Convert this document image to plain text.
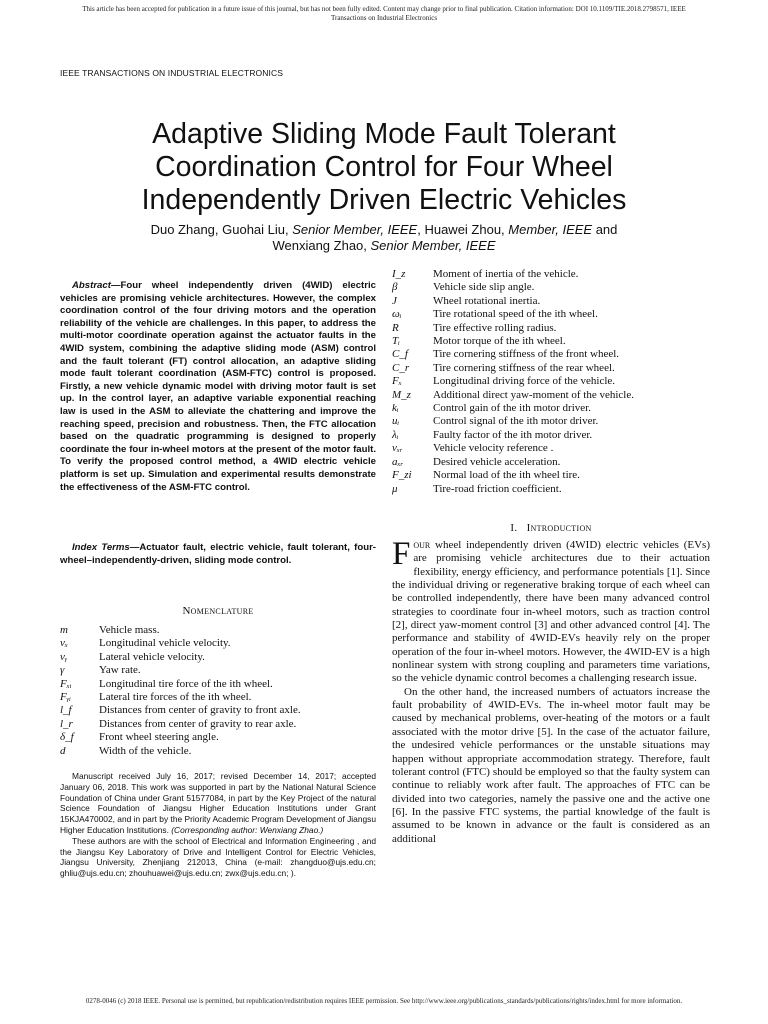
This article has been accepted for publication in a future issue of this journal, but has not been fully edited. Content may change prior to final publication. Citation information: DOI 10.1109/TIE.2018.2798571, IEEE
Transactions on Industrial Electronics
IEEE TRANSACTIONS ON INDUSTRIAL ELECTRONICS
Adaptive Sliding Mode Fault Tolerant
Coordination Control for Four Wheel
Independently Driven Electric Vehicles
Duo Zhang, Guohai Liu, Senior Member, IEEE, Huawei Zhou, Member, IEEE and
Wenxiang Zhao, Senior Member, IEEE
Abstract—Four wheel independently driven (4WID) electric vehicles are promising vehicle architectures. However, the complex coordination control of the four driving motors and the operation reliability of the vehicle are challenges. In this paper, to address the multi-motor coordinate operation against the actuator faults in the 4WID system, combining the adaptive sliding mode (ASM) control and the fault tolerant (FT) control allocation, an adaptive sliding mode fault tolerant coordination (ASM-FTC) control is proposed. Firstly, a new vehicle dynamic model with driving motor fault is set up. In the control layer, an adaptive variable exponential reaching law is used in the ASM to alleviate the chattering and improve the reaching speed, precision and robustness. Then, the FTC allocation based on the quadratic programming is designed to properly coordinate the four in-wheel motors at the present of the motor fault. To verify the proposed control method, a 4WID electric vehicle platform is set up. Simulation and experimental results demonstrate the effectiveness of the ASM-FTC control.
Index Terms—Actuator fault, electric vehicle, fault tolerant, four-wheel–independently-driven, sliding mode control.
Nomenclature
m	Vehicle mass.
vₓ	Longitudinal vehicle velocity.
vᵧ	Lateral vehicle velocity.
γ	Yaw rate.
Fₓᵢ	Longitudinal tire force of the ith wheel.
Fᵧᵢ	Lateral tire forces of the ith wheel.
l_f	Distances from center of gravity to front axle.
l_r	Distances from center of gravity to rear axle.
δ_f	Front wheel steering angle.
d	Width of the vehicle.
I_z	Moment of inertia of the vehicle.
β	Vehicle side slip angle.
J	Wheel rotational inertia.
ωᵢ	Tire rotational speed of the ith wheel.
R	Tire effective rolling radius.
Tᵢ	Motor torque of the ith wheel.
C_f	Tire cornering stiffness of the front wheel.
C_r	Tire cornering stiffness of the rear wheel.
Fₓ	Longitudinal driving force of the vehicle.
M_z	Additional direct yaw-moment of the vehicle.
kᵢ	Control gain of the ith motor driver.
uᵢ	Control signal of the ith motor driver.
λᵢ	Faulty factor of the ith motor driver.
vₓᵣ	Vehicle velocity reference .
aₓᵣ	Desired vehicle acceleration.
F_zi	Normal load of the ith wheel tire.
μ	Tire-road friction coefficient.

Manuscript received July 16, 2017; revised December 14, 2017; accepted January 06, 2018. This work was supported in part by the National Natural Science Foundation of China under Grant 51577084, in part by the Key Project of the natural Science Foundation of Jiangsu Higher Education Institutions under Grant 15KJA470002, and in part by the Priority Academic Program Development of Jiangsu Higher Education Institutions. (Corresponding author: Wenxiang Zhao.)

These authors are with the school of Electrical and Information Engineering , and the Jiangsu Key Laboratory of Drive and Intelligent Control for Electric Vehicles, Jiangsu University, Zhenjiang 212013, China (e-mail: zhangduo@ujs.edu.cn; ghliu@ujs.edu.cn; zhouhuawei@ujs.edu.cn; zwx@ujs.edu.cn; ).

I. Introduction

Four wheel independently driven (4WID) electric vehicles (EVs) are promising vehicle architectures due to their actuation flexibility, energy efficiency, and performance potentials [1]. Since the individual driving or regenerative braking torque of each wheel can be controlled independently, there have been many advanced control strategies to coordinate four in-wheel motors, such as traction control [2], direct yaw-moment control [3] and other advanced control [4]. The performance and stability of 4WID-EVs heavily rely on the proper operation of the four in-wheel motors. However, the 4WID-EV is a high nonlinear system with strong coupling and parameters time variations, so the vehicle dynamic control becomes a challenging research issue.

On the other hand, the increased numbers of actuators increase the fault probability of 4WID-EVs. The in-wheel motor fault may be caused by mechanical problems, over-heating of the motors or a fault associated with the motor drive [5]. In the case of the actuator failure, the undesired vehicle performances or the unstable situations may happen without appropriate accommodation strategy. Therefore, fault tolerant control (FTC) should be employed so that the faulty system can continue to reliably work after fault. The approaches of FTC can be divided into two categories, namely the passive one and the active one [6]. In the passive FTC systems, the partial knowledge of the fault is assumed to be known in advance or the fault is considered as an additional

0278-0046 (c) 2018 IEEE. Personal use is permitted, but republication/redistribution requires IEEE permission. See http://www.ieee.org/publications_standards/publications/rights/index.html for more information.
